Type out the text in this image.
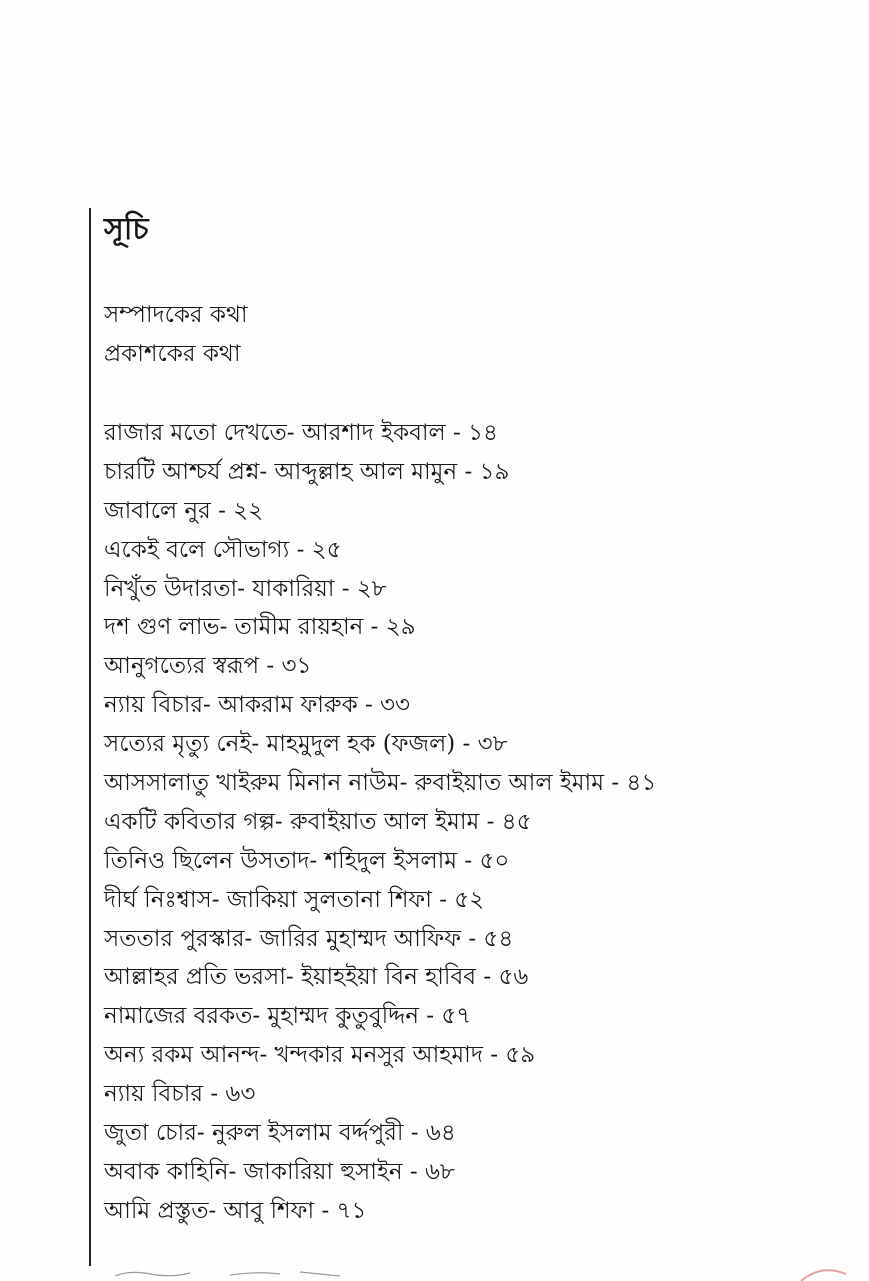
সূচি
সম্পাদকের কথা
প্রকাশকের কথা
রাজার মতো দেখতে- আরশাদ ইকবাল - ১৪
চারটি আশ্চর্য প্রশ্ন- আব্দুল্লাহ আল মামুন - ১৯
জাবালে নুর - ২২
একেই বলে সৌভাগ্য - ২৫
নিখুঁত উদারতা- যাকারিয়া - ২৮
দশ গুণ লাভ- তামীম রায়হান - ২৯
আনুগত্যের স্বরূপ - ৩১
ন্যায় বিচার- আকরাম ফারুক - ৩৩
সত্যের মৃত্যু নেই- মাহমুদুল হক (ফজল) - ৩৮
আসসালাতু খাইরুম মিনান নাউম- রুবাইয়াত আল ইমাম - ৪১
একটি কবিতার গল্প- রুবাইয়াত আল ইমাম - ৪৫
তিনিও ছিলেন উসতাদ- শহিদুল ইসলাম - ৫০
দীর্ঘ নিঃশ্বাস- জাকিয়া সুলতানা শিফা - ৫২
সততার পুরস্কার- জারির মুহাম্মদ আফিফ - ৫৪
আল্লাহর প্রতি ভরসা- ইয়াহইয়া বিন হাবিব - ৫৬
নামাজের বরকত- মুহাম্মদ কুতুবুদ্দিন - ৫৭
অন্য রকম আনন্দ- খন্দকার মনসুর আহমাদ - ৫৯
ন্যায় বিচার - ৬৩
জুতা চোর- নুরুল ইসলাম বর্দ্দপুরী - ৬৪
অবাক কাহিনি- জাকারিয়া হুসাইন - ৬৮
আমি প্রস্তুত- আবু শিফা - ৭১
